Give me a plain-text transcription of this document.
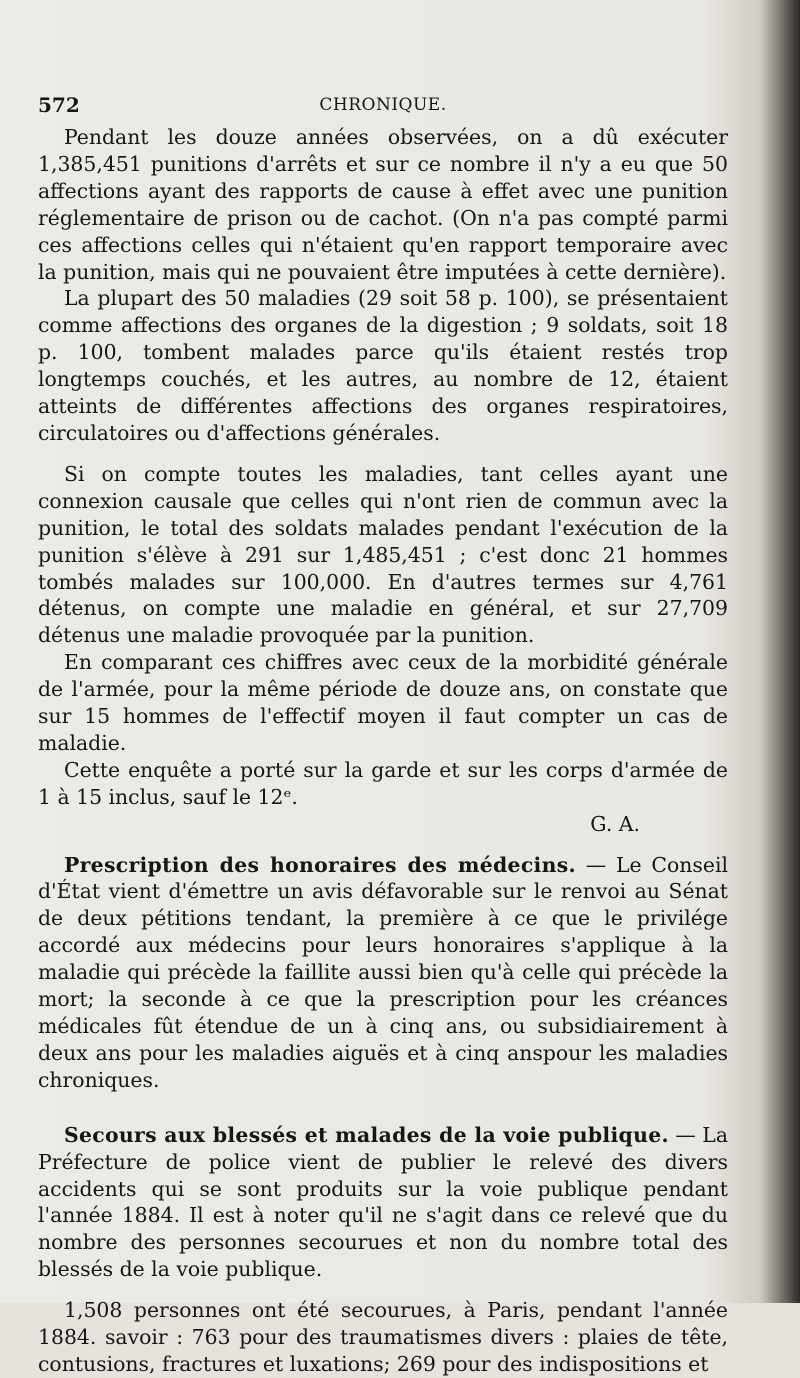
572	CHRONIQUE.

Pendant les douze années observées, on a dû exécuter 1,385,451 punitions d'arrêts et sur ce nombre il n'y a eu que 50 affections ayant des rapports de cause à effet avec une punition réglementaire de prison ou de cachot. (On n'a pas compté parmi ces affections celles qui n'étaient qu'en rapport temporaire avec la punition, mais qui ne pouvaient être imputées à cette dernière).

La plupart des 50 maladies (29 soit 58 p. 100), se présentaient comme affections des organes de la digestion ; 9 soldats, soit 18 p. 100, tombent malades parce qu'ils étaient restés trop longtemps couchés, et les autres, au nombre de 12, étaient atteints de différentes affections des organes respiratoires, circulatoires ou d'affections générales.

Si on compte toutes les maladies, tant celles ayant une connexion causale que celles qui n'ont rien de commun avec la punition, le total des soldats malades pendant l'exécution de la punition s'élève à 291 sur 1,485,451 ; c'est donc 21 hommes tombés malades sur 100,000. En d'autres termes sur 4,761 détenus, on compte une maladie en général, et sur 27,709 détenus une maladie provoquée par la punition.

En comparant ces chiffres avec ceux de la morbidité générale de l'armée, pour la même période de douze ans, on constate que sur 15 hommes de l'effectif moyen il faut compter un cas de maladie.

Cette enquête a porté sur la garde et sur les corps d'armée de 1 à 15 inclus, sauf le 12ᵉ.

G. A.

Prescription des honoraires des médecins. — Le Conseil d'État vient d'émettre un avis défavorable sur le renvoi au Sénat de deux pétitions tendant, la première à ce que le privilége accordé aux médecins pour leurs honoraires s'applique à la maladie qui précède la faillite aussi bien qu'à celle qui précède la mort; la seconde à ce que la prescription pour les créances médicales fût étendue de un à cinq ans, ou subsidiairement à deux ans pour les maladies aiguës et à cinq anspour les maladies chroniques.

Secours aux blessés et malades de la voie publique. — La Préfecture de police vient de publier le relevé des divers accidents qui se sont produits sur la voie publique pendant l'année 1884. Il est à noter qu'il ne s'agit dans ce relevé que du nombre des personnes secourues et non du nombre total des blessés de la voie publique.

1,508 personnes ont été secourues, à Paris, pendant l'année 1884. savoir : 763 pour des traumatismes divers : plaies de tête, contusions, fractures et luxations; 269 pour des indispositions et
